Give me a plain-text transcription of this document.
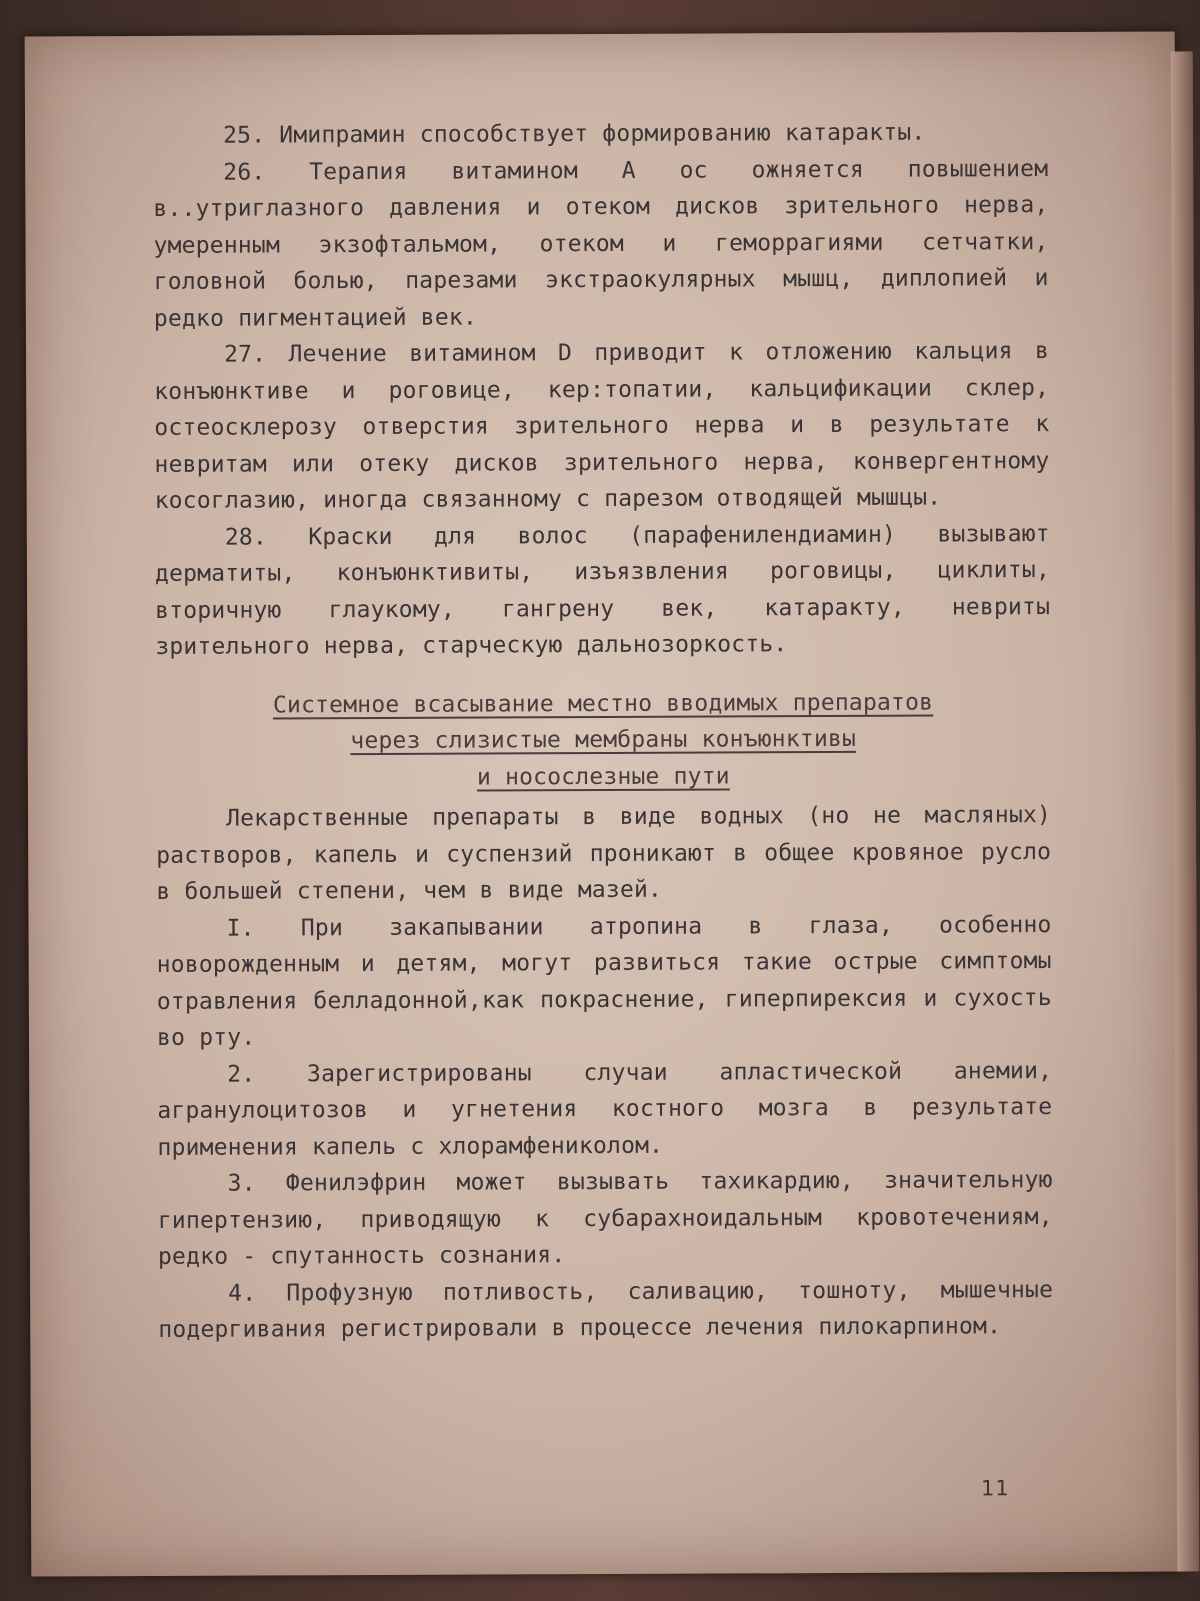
25. Имипрамин способствует формированию катаракты.

26. Терапия витамином A ос ожняется повышением в..утриглазного давления и отеком дисков зрительного нерва, умеренным экзофтальмом, отеком и геморрагиями сетчатки, головной болью, парезами экстраокулярных мышц, диплопией и редко пигментацией век.

27. Лечение витамином D приводит к отложению кальция в конъюнктиве и роговице, кер:топатии, кальцификации склер, остеосклерозу отверстия зрительного нерва и в результате к невритам или отеку дисков зрительного нерва, конвергентному косоглазию, иногда связанному с парезом отводящей мышцы.

28. Краски для волос (парафенилендиамин) вызывают дерматиты, конъюнктивиты, изъязвления роговицы, циклиты, вторичную глаукому, гангрену век, катаракту, невриты зрительного нерва, старческую дальнозоркость.

Системное всасывание местно вводимых препаратов
через слизистые мембраны конъюнктивы
и носослезные пути

Лекарственные препараты в виде водных (но не масляных) растворов, капель и суспензий проникают в общее кровяное русло в большей степени, чем в виде мазей.

I. При закапывании атропина в глаза, особенно новорожденным и детям, могут развиться такие острые симптомы отравления белладонной,как покраснение, гиперпирексия и сухость во рту.

2. Зарегистрированы случаи апластической анемии, агранулоцитозов и угнетения костного мозга в результате применения капель с хлорамфениколом.

3. Фенилэфрин может вызывать тахикардию, значительную гипертензию, приводящую к субарахноидальным кровотечениям, редко - спутанность сознания.

4. Профузную потливость, саливацию, тошноту, мышечные подергивания регистрировали в процессе лечения пилокарпином.

11
